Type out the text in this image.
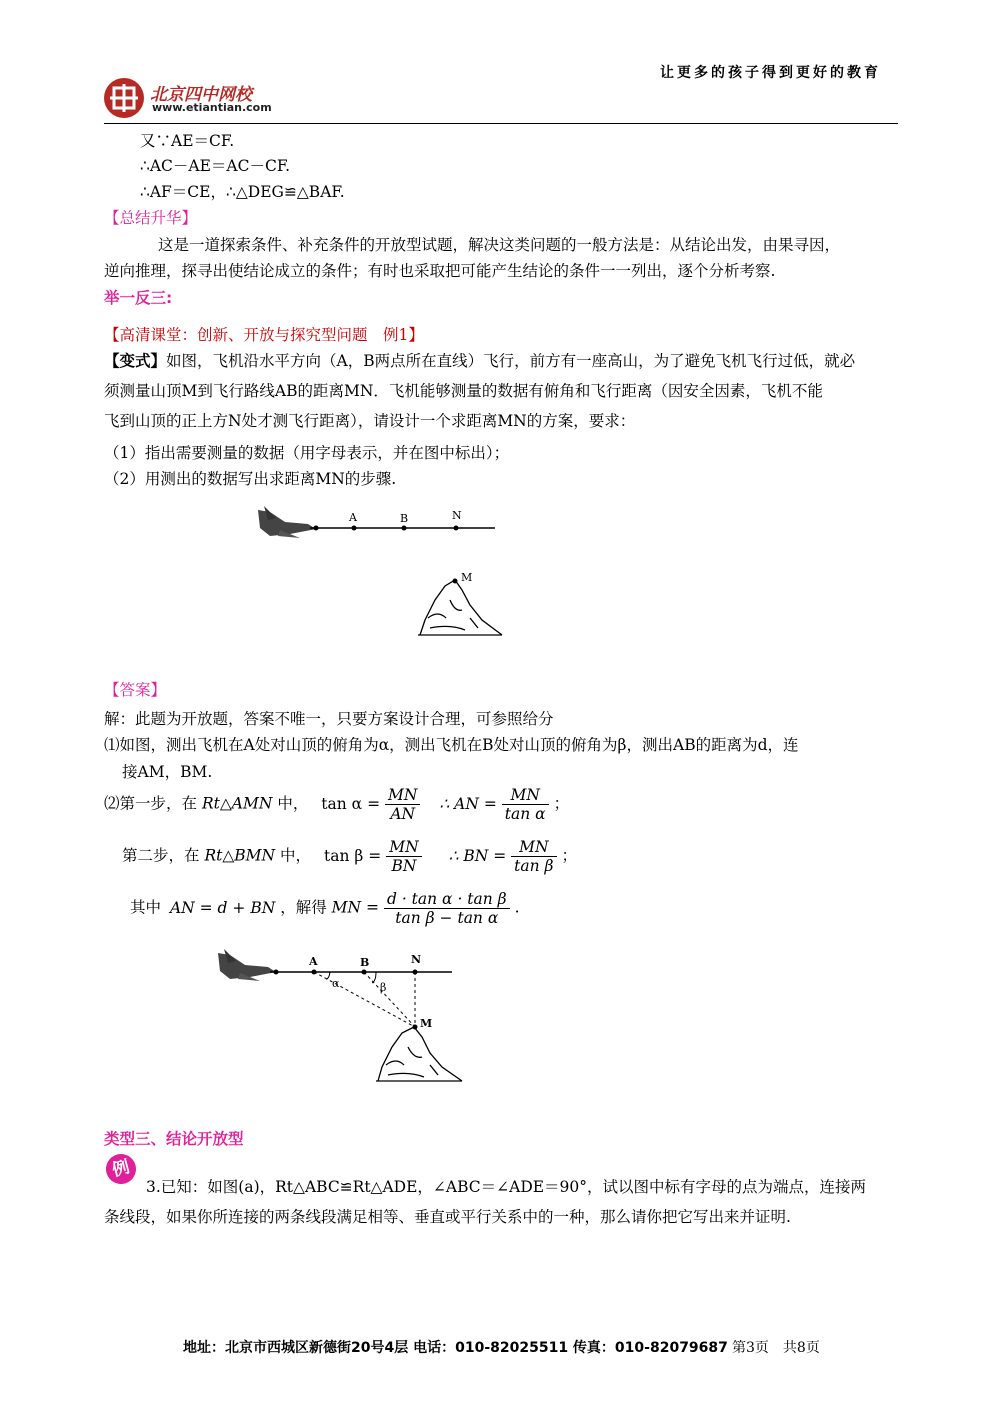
让更多的孩子得到更好的教育
北京四中网校
www.etiantian.com
又∵AE＝CF.
∴AC－AE＝AC－CF.
∴AF＝CE，∴△DEG≌△BAF.
【总结升华】
这是一道探索条件、补充条件的开放型试题，解决这类问题的一般方法是：从结论出发，由果寻因，
逆向推理，探寻出使结论成立的条件；有时也采取把可能产生结论的条件一一列出，逐个分析考察.
举一反三:
【高清课堂：创新、开放与探究型问题　例1】
【变式】如图，飞机沿水平方向（A，B两点所在直线）飞行，前方有一座高山，为了避免飞机飞行过低，就必
须测量山顶M到飞行路线AB的距离MN．飞机能够测量的数据有俯角和飞行距离（因安全因素，飞机不能
飞到山顶的正上方N处才测飞行距离），请设计一个求距离MN的方案，要求：
（1）指出需要测量的数据（用字母表示，并在图中标出）；
（2）用测出的数据写出求距离MN的步骤.
A	B	N
M
【答案】
解：此题为开放题，答案不唯一，只要方案设计合理，可参照给分
⑴如图，测出飞机在A处对山顶的俯角为α，测出飞机在B处对山顶的俯角为β，测出AB的距离为d，连
接AM，BM.
⑵第一步，在 Rt△AMN 中， $\tan \alpha = \frac{MN}{AN}$ ∴ AN = $\frac{MN}{\text{tan α}}$ ；
第二步，在 Rt△BMN 中， $\tan \beta = \frac{MN}{BN}$ ∴ BN = $\frac{MN}{\text{tan β}}$ ；
其中 AN = d + BN ，解得 MN = $\frac{\text{d · tan α · tan β}}{\text{tan β − tan α}}$ .
A	B	N
α	β
M
类型三、结论开放型
例
3.已知：如图(a)，Rt△ABC≌Rt△ADE，∠ABC＝∠ADE＝90°，试以图中标有字母的点为端点，连接两
条线段，如果你所连接的两条线段满足相等、垂直或平行关系中的一种，那么请你把它写出来并证明.
地址：北京市西城区新德街20号4层 电话：010-82025511 传真：010-82079687 第3页　共8页
